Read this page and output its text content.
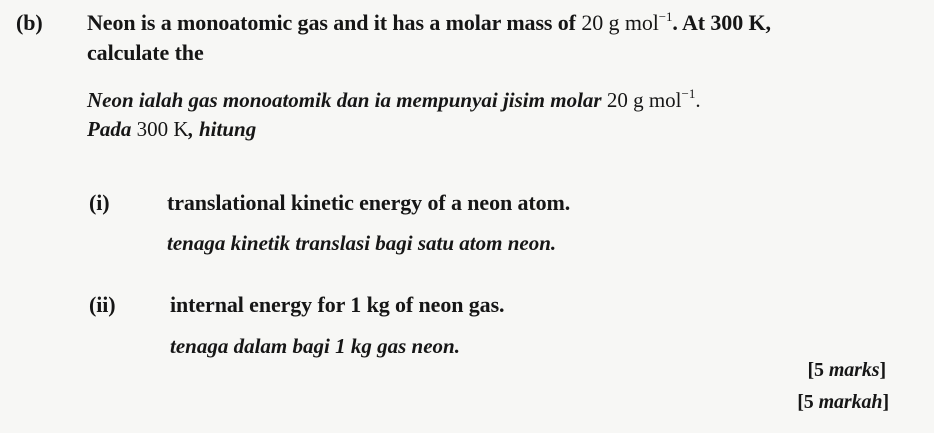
(b) Neon is a monoatomic gas and it has a molar mass of 20 g mol$^{-1}$. At 300 K,
calculate the
Neon ialah gas monoatomik dan ia mempunyai jisim molar 20 g mol$^{-1}$.
Pada 300 K, hitung
(i)	translational kinetic energy of a neon atom.
tenaga kinetik translasi bagi satu atom neon.
(ii) internal energy for 1 kg of neon gas.
tenaga dalam bagi 1 kg gas neon.
[5 marks]
[5 markah]
